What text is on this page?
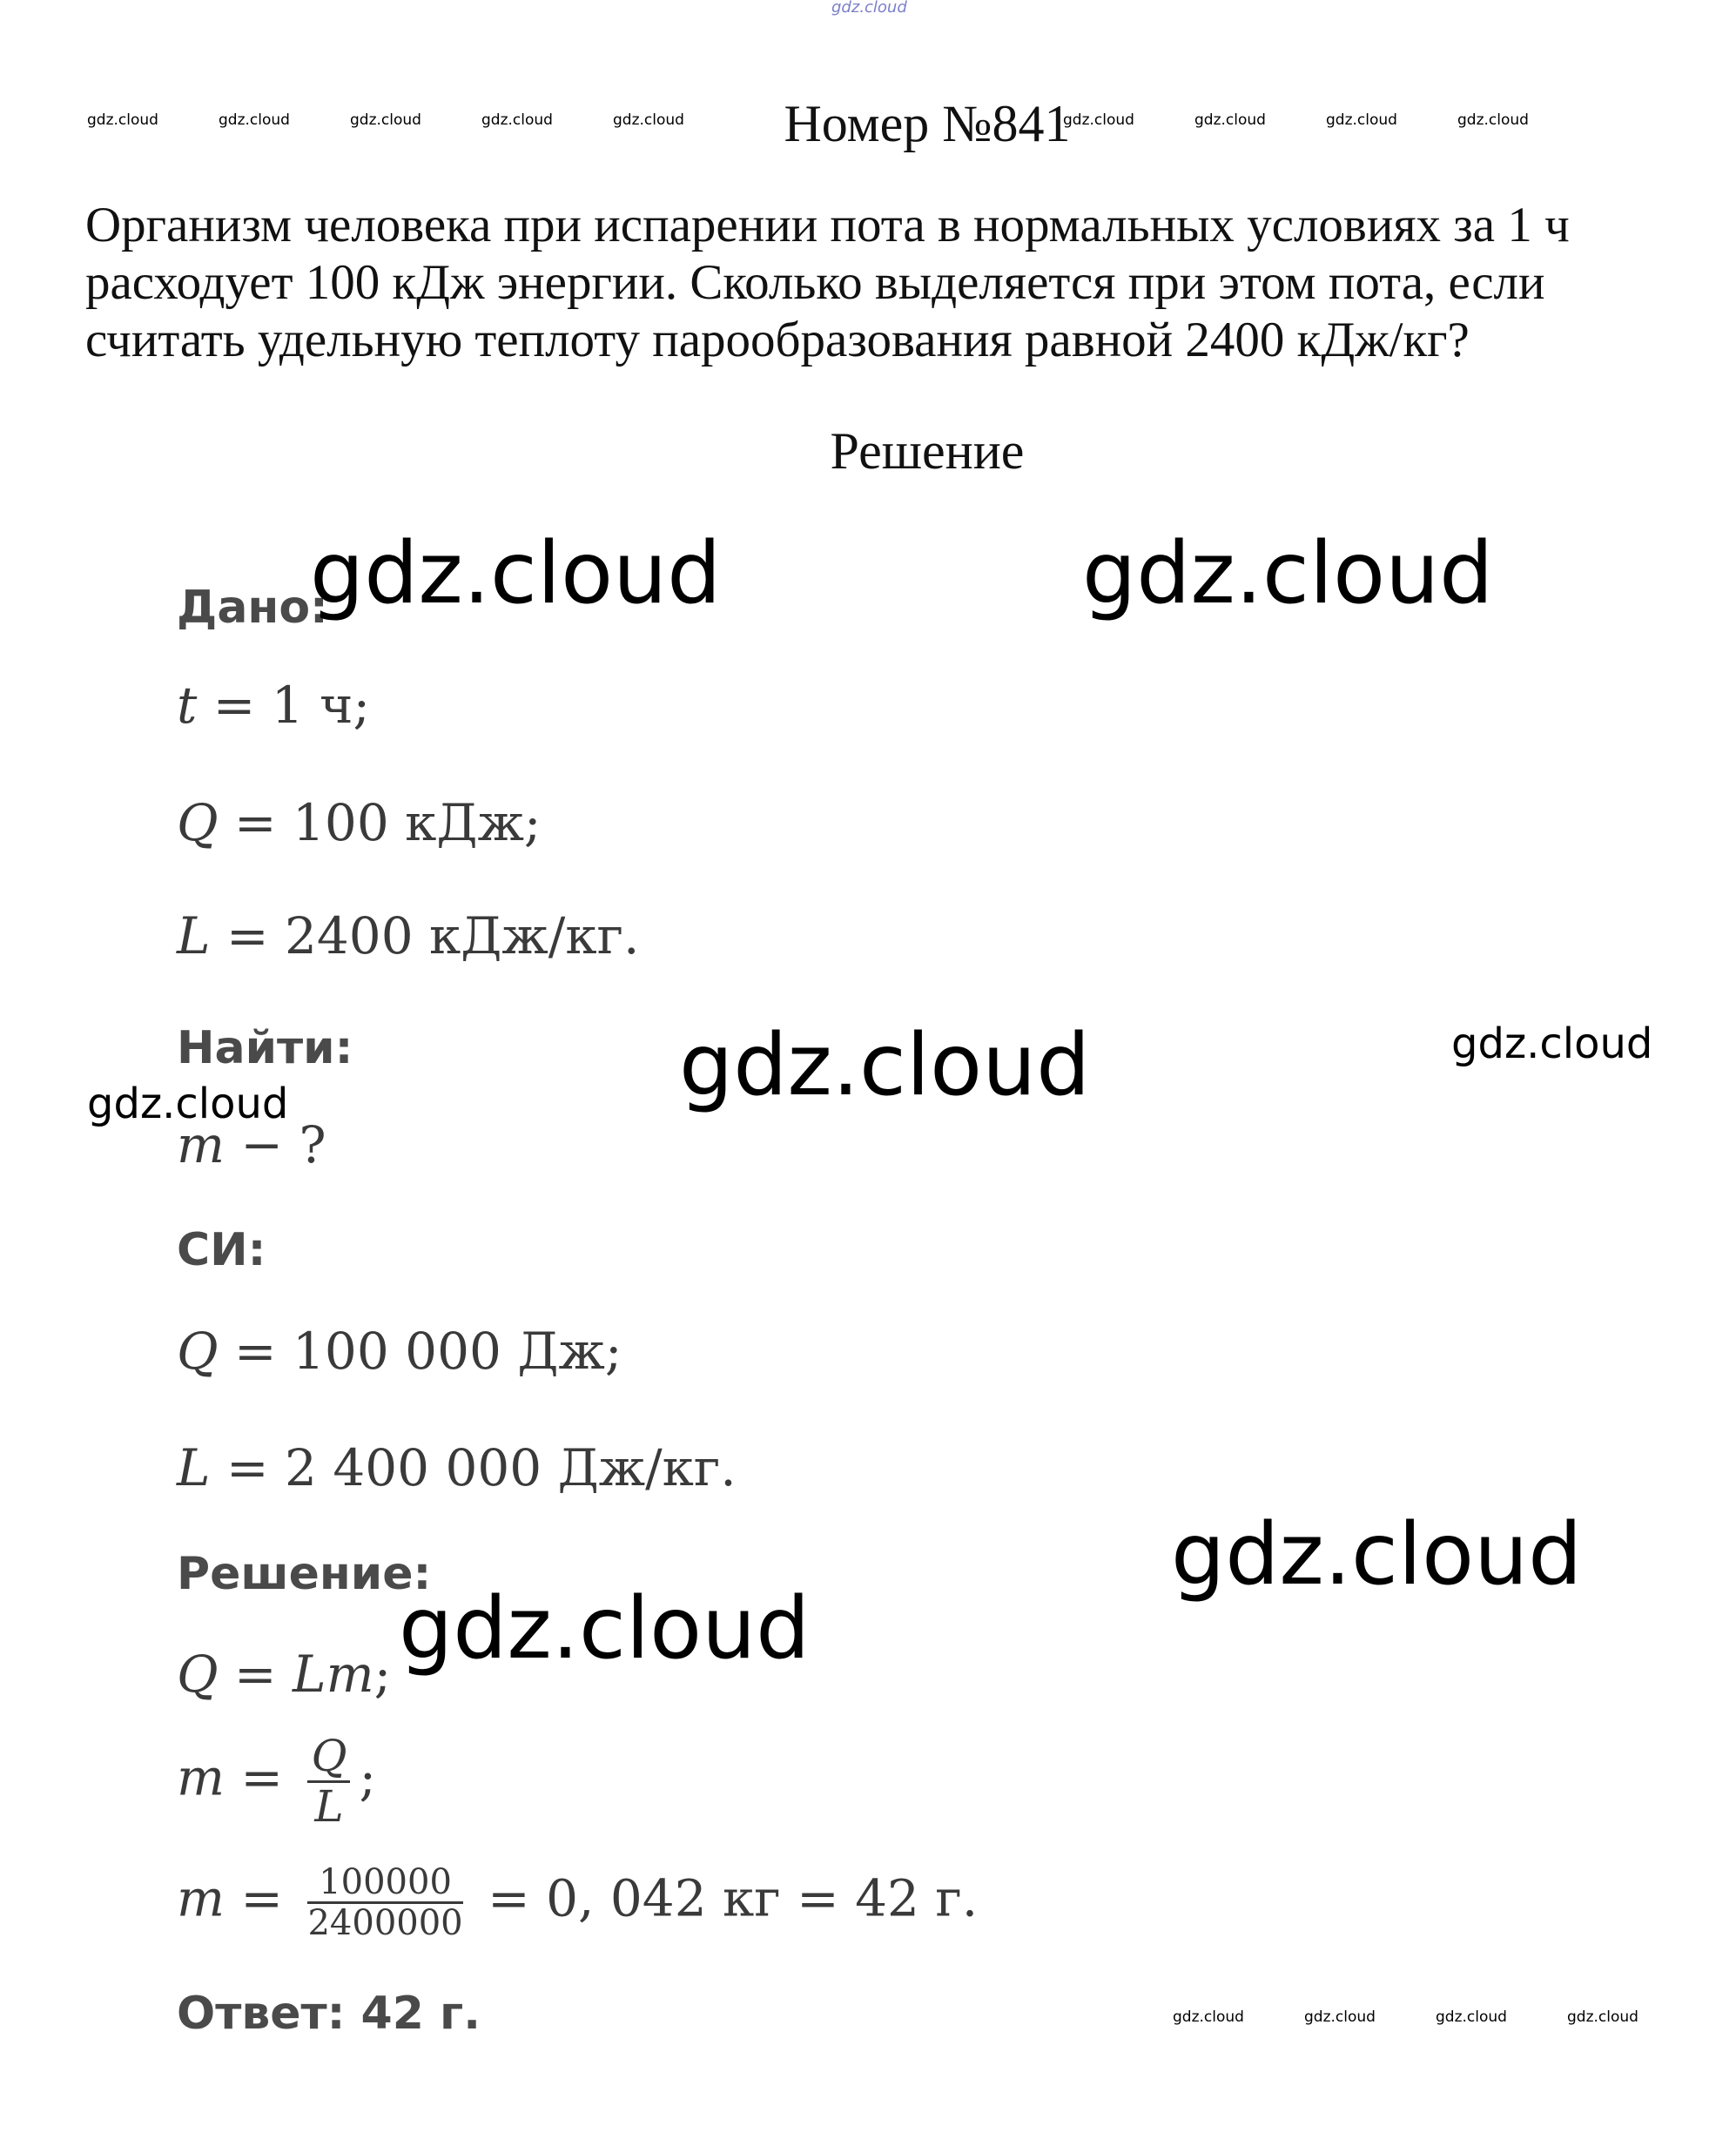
gdz.cloud
gdz.cloud	gdz.cloud	gdz.cloud	gdz.cloud	gdz.cloud	gdz.cloud	gdz.cloud	gdz.cloud	gdz.cloud
Номер №841
Организм человека при испарении пота в нормальных условиях за 1 ч
расходует 100 кДж энергии. Сколько выделяется при этом пота, если
считать удельную теплоту парообразования равной 2400 кДж/кг?
Решение
Дано:
t = 1 ч;
Q = 100 кДж;
L = 2400 кДж/кг.
Найти:
m − ?
СИ:
Q = 100 000 Дж;
L = 2 400 000 Дж/кг.
Решение:
Q = Lm;
$m = \frac{Q}{L}$ ;
$m = \frac{100000}{2400000} = 0$, 042 кг = 42 г.
Ответ: 42 г.
gdz.cloud	gdz.cloud
gdz.cloud	gdz.cloud
gdz.cloud
gdz.cloud
gdz.cloud
gdz.cloud	gdz.cloud	gdz.cloud	gdz.cloud
